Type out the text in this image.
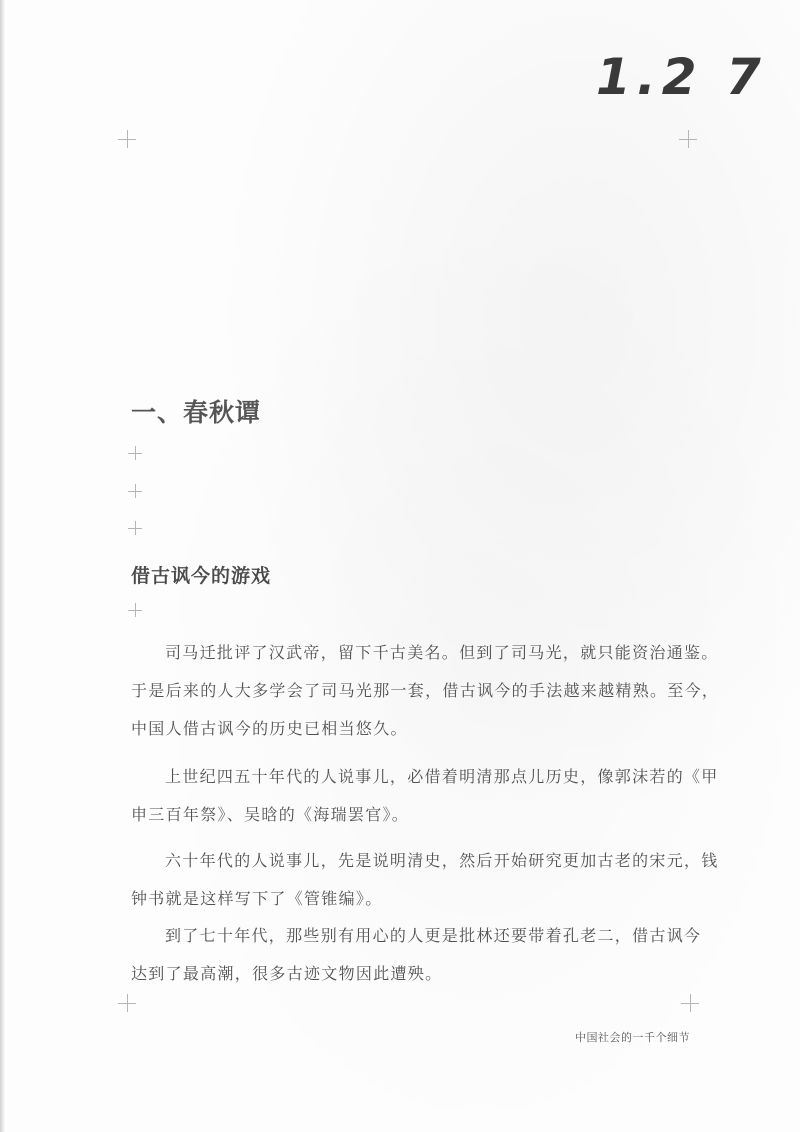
1.2 7
一、春秋谭
借古讽今的游戏

司马迁批评了汉武帝，留下千古美名。但到了司马光，就只能资治通鉴。
于是后来的人大多学会了司马光那一套，借古讽今的手法越来越精熟。至今，
中国人借古讽今的历史已相当悠久。

上世纪四五十年代的人说事儿，必借着明清那点儿历史，像郭沫若的《甲
申三百年祭》、吴晗的《海瑞罢官》。

六十年代的人说事儿，先是说明清史，然后开始研究更加古老的宋元，钱
钟书就是这样写下了《管锥编》。

到了七十年代，那些别有用心的人更是批林还要带着孔老二，借古讽今
达到了最高潮，很多古迹文物因此遭殃。

中国社会的一千个细节
